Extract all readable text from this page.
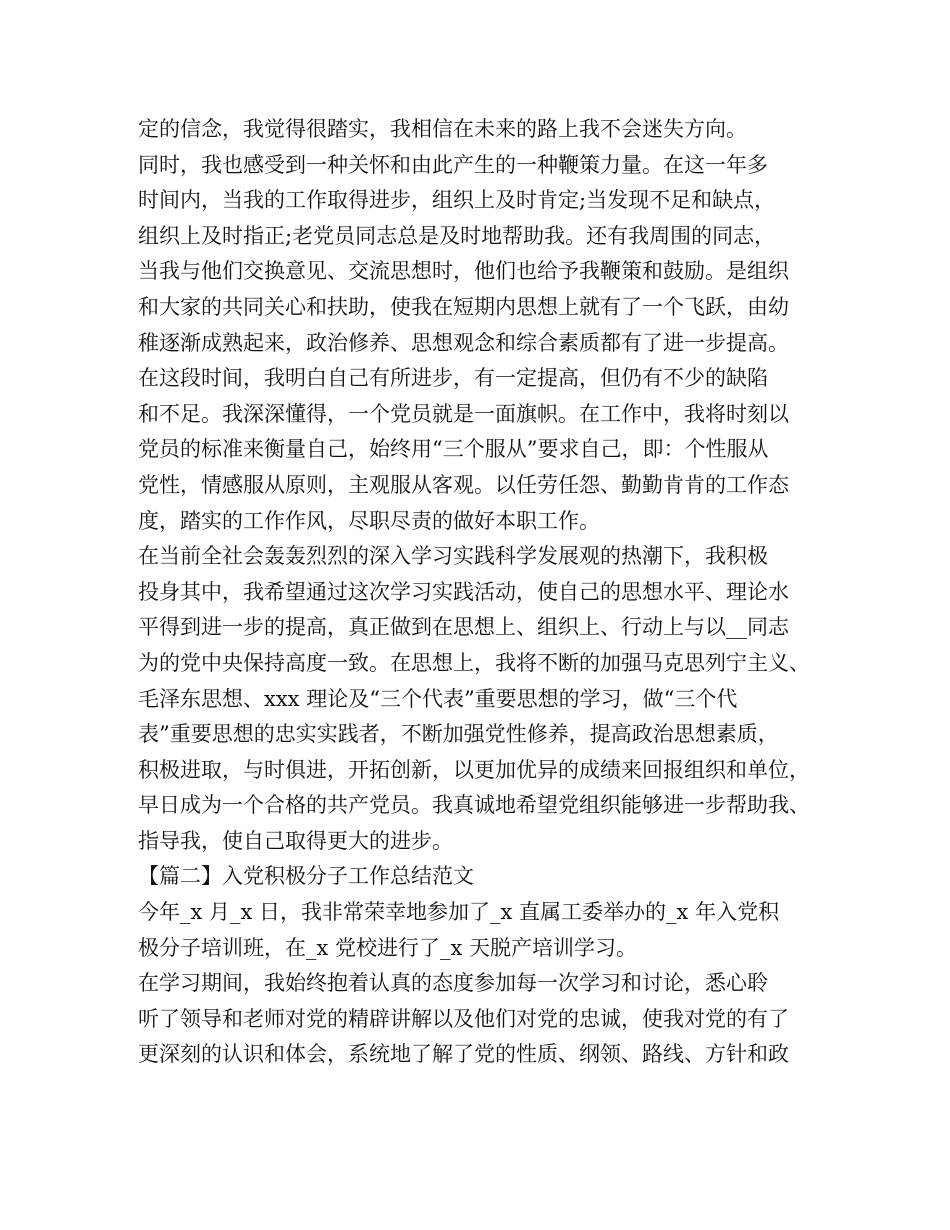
定的信念，我觉得很踏实，我相信在未来的路上我不会迷失方向。
同时，我也感受到一种关怀和由此产生的一种鞭策力量。在这一年多
时间内，当我的工作取得进步，组织上及时肯定;当发现不足和缺点，
组织上及时指正;老党员同志总是及时地帮助我。还有我周围的同志，
当我与他们交换意见、交流思想时，他们也给予我鞭策和鼓励。是组织
和大家的共同关心和扶助，使我在短期内思想上就有了一个飞跃，由幼
稚逐渐成熟起来，政治修养、思想观念和综合素质都有了进一步提高。
在这段时间，我明白自己有所进步，有一定提高，但仍有不少的缺陷
和不足。我深深懂得，一个党员就是一面旗帜。在工作中，我将时刻以
党员的标准来衡量自己，始终用“三个服从”要求自己，即：个性服从
党性，情感服从原则，主观服从客观。以任劳任怨、勤勤肯肯的工作态
度，踏实的工作作风，尽职尽责的做好本职工作。
在当前全社会轰轰烈烈的深入学习实践科学发展观的热潮下，我积极
投身其中，我希望通过这次学习实践活动，使自己的思想水平、理论水
平得到进一步的提高，真正做到在思想上、组织上、行动上与以__同志
为的党中央保持高度一致。在思想上，我将不断的加强马克思列宁主义、
毛泽东思想、xxx 理论及“三个代表”重要思想的学习，做“三个代
表”重要思想的忠实实践者，不断加强党性修养，提高政治思想素质，
积极进取，与时俱进，开拓创新，以更加优异的成绩来回报组织和单位，
早日成为一个合格的共产党员。我真诚地希望党组织能够进一步帮助我、
指导我，使自己取得更大的进步。
【篇二】入党积极分子工作总结范文
今年_x 月_x 日，我非常荣幸地参加了_x 直属工委举办的_x 年入党积
极分子培训班，在_x 党校进行了_x 天脱产培训学习。
在学习期间，我始终抱着认真的态度参加每一次学习和讨论，悉心聆
听了领导和老师对党的精辟讲解以及他们对党的忠诚，使我对党的有了
更深刻的认识和体会，系统地了解了党的性质、纲领、路线、方针和政
